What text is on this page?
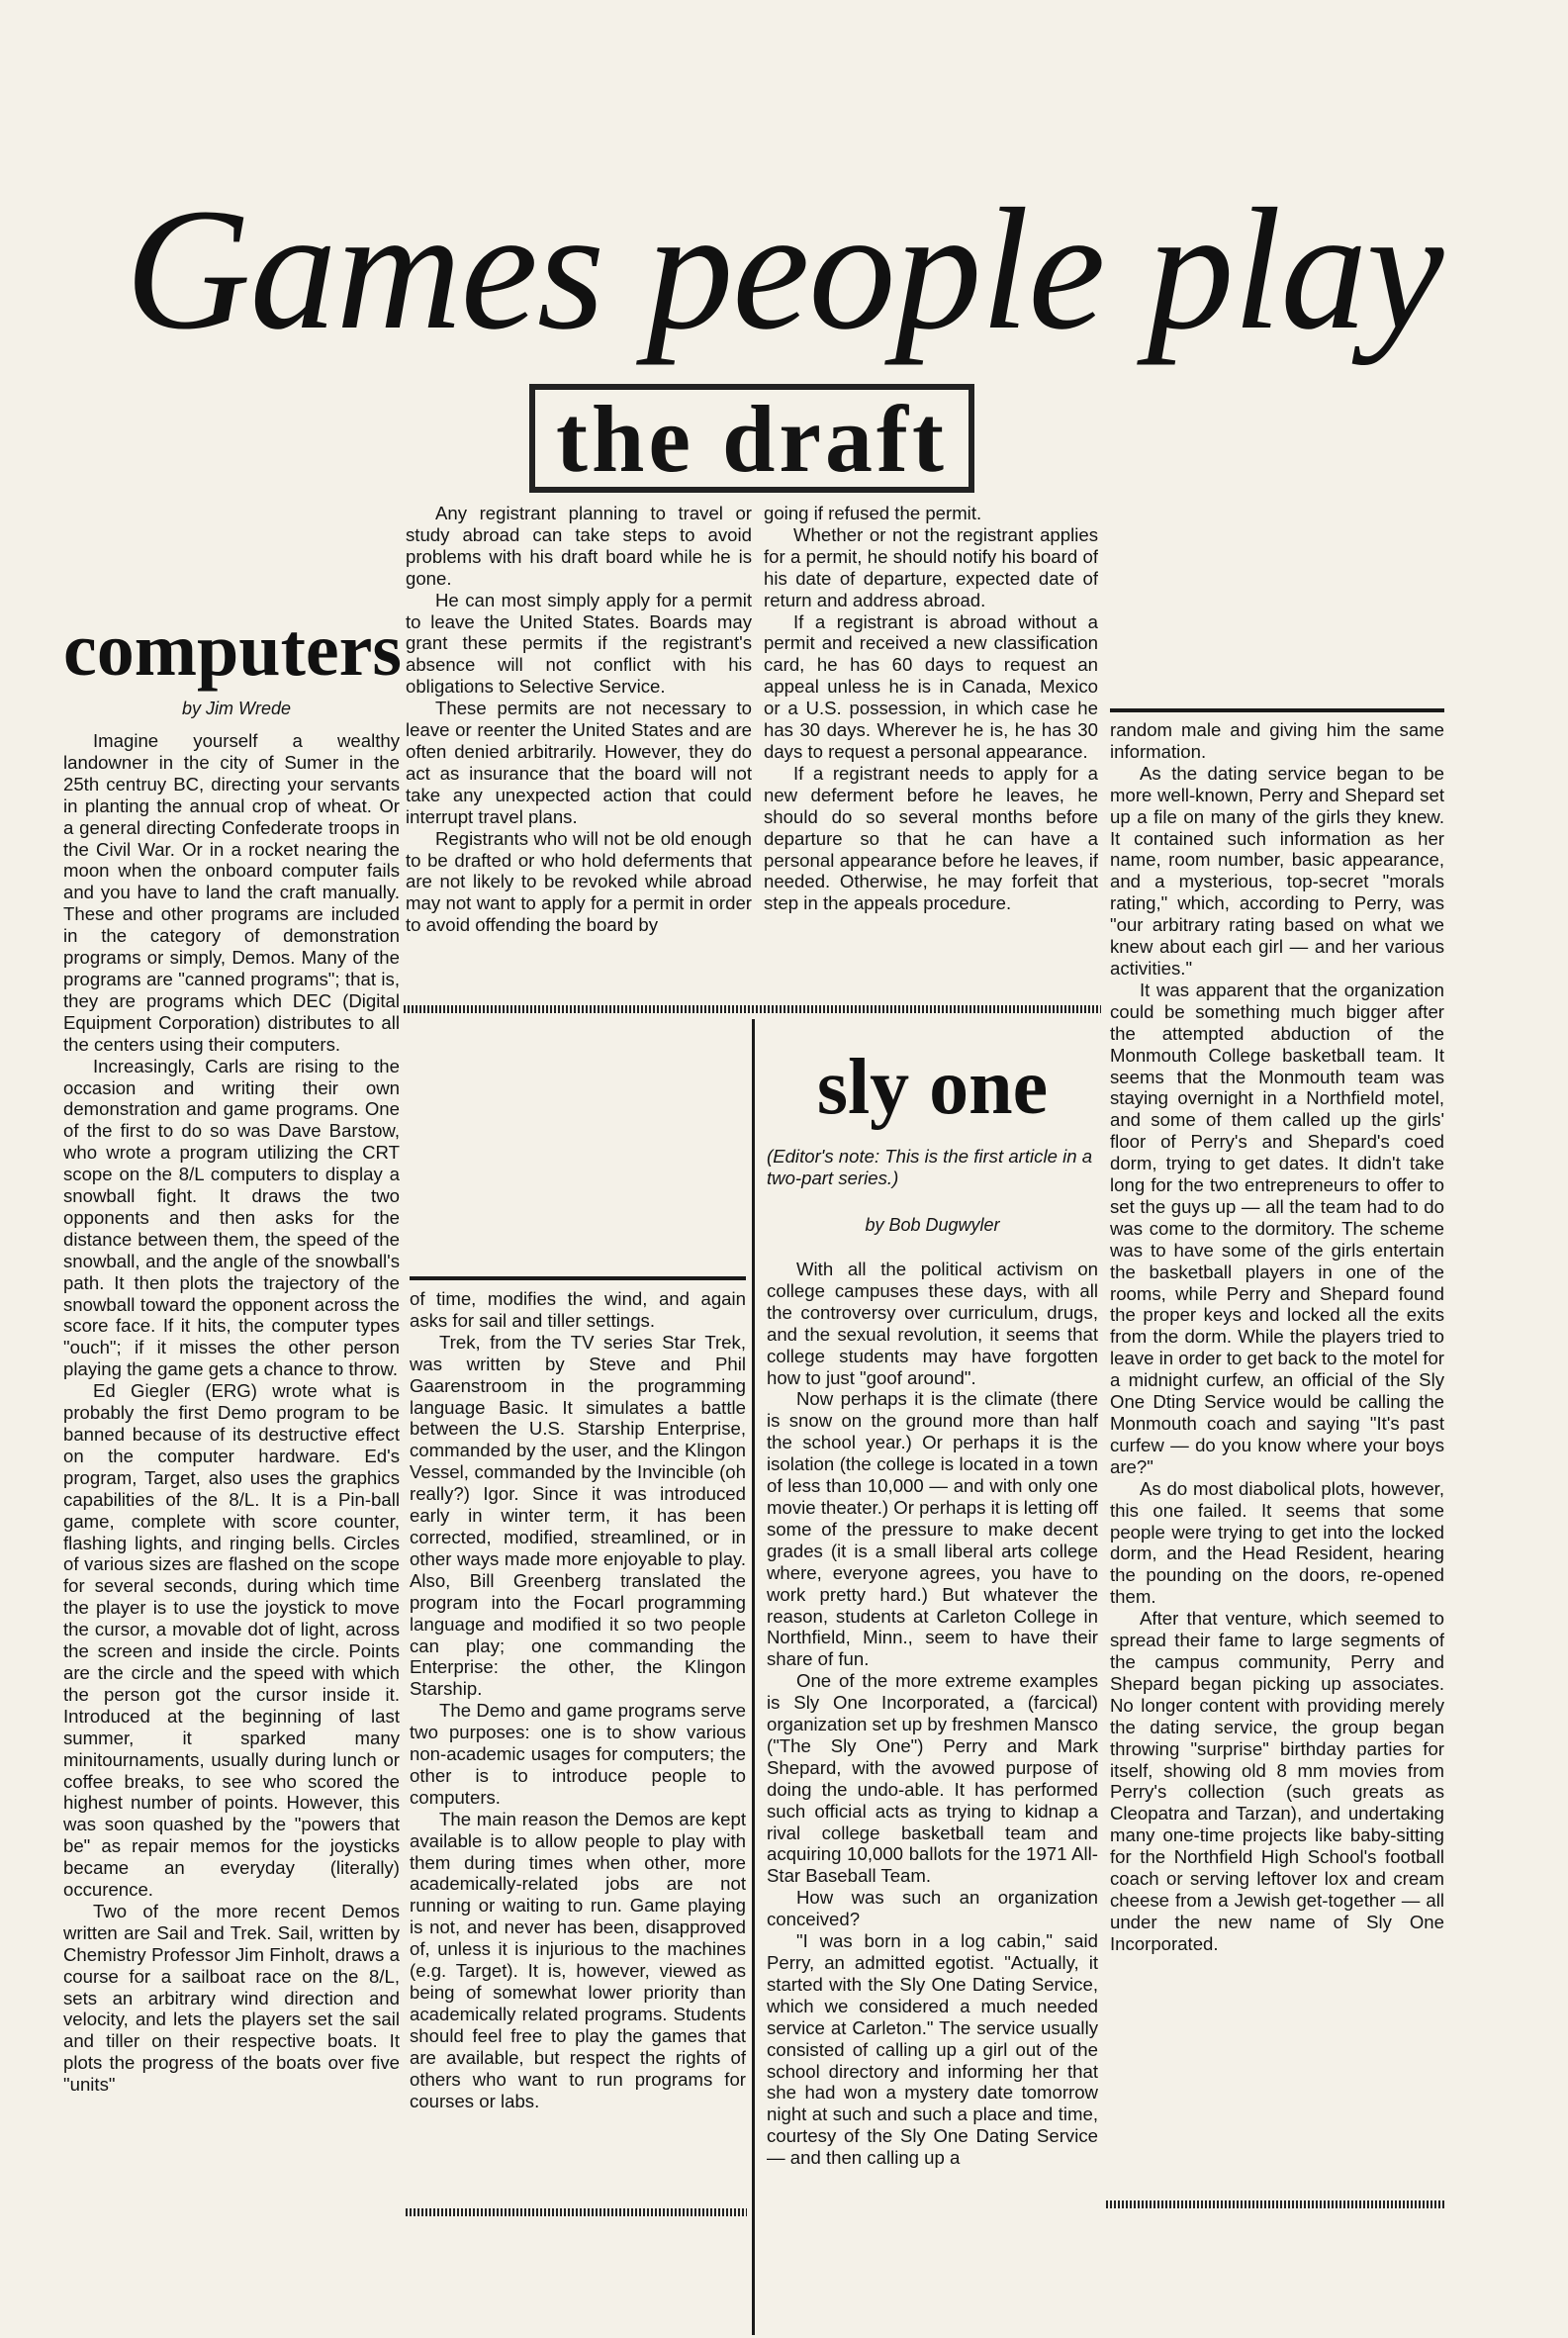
Games people play
the draft

Any registrant planning to travel or study abroad can take steps to avoid problems with his draft board while he is gone.

He can most simply apply for a permit to leave the United States. Boards may grant these permits if the registrant's absence will not conflict with his obligations to Selective Service.

These permits are not necessary to leave or reenter the United States and are often denied arbitrarily. However, they do act as insurance that the board will not take any unexpected action that could interrupt travel plans.

Registrants who will not be old enough to be drafted or who hold deferments that are not likely to be revoked while abroad may not want to apply for a permit in order to avoid offending the board by

going if refused the permit.

Whether or not the registrant applies for a permit, he should notify his board of his date of departure, expected date of return and address abroad.

If a registrant is abroad without a permit and received a new classification card, he has 60 days to request an appeal unless he is in Canada, Mexico or a U.S. possession, in which case he has 30 days. Wherever he is, he has 30 days to request a personal appearance.

If a registrant needs to apply for a new deferment before he leaves, he should do so several months before departure so that he can have a personal appearance before he leaves, if needed. Otherwise, he may forfeit that step in the appeals procedure.

computers
by Jim Wrede

Imagine yourself a wealthy landowner in the city of Sumer in the 25th centruy BC, directing your servants in planting the annual crop of wheat. Or a general directing Confederate troops in the Civil War. Or in a rocket nearing the moon when the onboard computer fails and you have to land the craft manually. These and other programs are included in the category of demonstration programs or simply, Demos. Many of the programs are "canned programs"; that is, they are programs which DEC (Digital Equipment Corporation) distributes to all the centers using their computers.

Increasingly, Carls are rising to the occasion and writing their own demonstration and game programs. One of the first to do so was Dave Barstow, who wrote a program utilizing the CRT scope on the 8/L computers to display a snowball fight. It draws the two opponents and then asks for the distance between them, the speed of the snowball, and the angle of the snowball's path. It then plots the trajectory of the snowball toward the opponent across the score face. If it hits, the computer types "ouch"; if it misses the other person playing the game gets a chance to throw.

Ed Giegler (ERG) wrote what is probably the first Demo program to be banned because of its destructive effect on the computer hardware. Ed's program, Target, also uses the graphics capabilities of the 8/L. It is a Pin-ball game, complete with score counter, flashing lights, and ringing bells. Circles of various sizes are flashed on the scope for several seconds, during which time the player is to use the joystick to move the cursor, a movable dot of light, across the screen and inside the circle. Points are the circle and the speed with which the person got the cursor inside it. Introduced at the beginning of last summer, it sparked many minitournaments, usually during lunch or coffee breaks, to see who scored the highest number of points. However, this was soon quashed by the "powers that be" as repair memos for the joysticks became an everyday (literally) occurence.

Two of the more recent Demos written are Sail and Trek. Sail, written by Chemistry Professor Jim Finholt, draws a course for a sailboat race on the 8/L, sets an arbitrary wind direction and velocity, and lets the players set the sail and tiller on their respective boats. It plots the progress of the boats over five "units"

of time, modifies the wind, and again asks for sail and tiller settings.

Trek, from the TV series Star Trek, was written by Steve and Phil Gaarenstroom in the programming language Basic. It simulates a battle between the U.S. Starship Enterprise, commanded by the user, and the Klingon Vessel, commanded by the Invincible (oh really?) Igor. Since it was introduced early in winter term, it has been corrected, modified, streamlined, or in other ways made more enjoyable to play. Also, Bill Greenberg translated the program into the Focarl programming language and modified it so two people can play; one commanding the Enterprise: the other, the Klingon Starship.

The Demo and game programs serve two purposes: one is to show various non-academic usages for computers; the other is to introduce people to computers.

The main reason the Demos are kept available is to allow people to play with them during times when other, more academically-related jobs are not running or waiting to run. Game playing is not, and never has been, disapproved of, unless it is injurious to the machines (e.g. Target). It is, however, viewed as being of somewhat lower priority than academically related programs. Students should feel free to play the games that are available, but respect the rights of others who want to run programs for courses or labs.

sly one

(Editor's note: This is the first article in a two-part series.)

by Bob Dugwyler

With all the political activism on college campuses these days, with all the controversy over curriculum, drugs, and the sexual revolution, it seems that college students may have forgotten how to just "goof around".

Now perhaps it is the climate (there is snow on the ground more than half the school year.) Or perhaps it is the isolation (the college is located in a town of less than 10,000 — and with only one movie theater.) Or perhaps it is letting off some of the pressure to make decent grades (it is a small liberal arts college where, everyone agrees, you have to work pretty hard.) But whatever the reason, students at Carleton College in Northfield, Minn., seem to have their share of fun.

One of the more extreme examples is Sly One Incorporated, a (farcical) organization set up by freshmen Mansco ("The Sly One") Perry and Mark Shepard, with the avowed purpose of doing the undo-able. It has performed such official acts as trying to kidnap a rival college basketball team and acquiring 10,000 ballots for the 1971 All-Star Baseball Team.

How was such an organization conceived?

"I was born in a log cabin," said Perry, an admitted egotist. "Actually, it started with the Sly One Dating Service, which we considered a much needed service at Carleton." The service usually consisted of calling up a girl out of the school directory and informing her that she had won a mystery date tomorrow night at such and such a place and time, courtesy of the Sly One Dating Service — and then calling up a

random male and giving him the same information.

As the dating service began to be more well-known, Perry and Shepard set up a file on many of the girls they knew. It contained such information as her name, room number, basic appearance, and a mysterious, top-secret "morals rating," which, according to Perry, was "our arbitrary rating based on what we knew about each girl — and her various activities."

It was apparent that the organization could be something much bigger after the attempted abduction of the Monmouth College basketball team. It seems that the Monmouth team was staying overnight in a Northfield motel, and some of them called up the girls' floor of Perry's and Shepard's coed dorm, trying to get dates. It didn't take long for the two entrepreneurs to offer to set the guys up — all the team had to do was come to the dormitory. The scheme was to have some of the girls entertain the basketball players in one of the rooms, while Perry and Shepard found the proper keys and locked all the exits from the dorm. While the players tried to leave in order to get back to the motel for a midnight curfew, an official of the Sly One Dting Service would be calling the Monmouth coach and saying "It's past curfew — do you know where your boys are?"

As do most diabolical plots, however, this one failed. It seems that some people were trying to get into the locked dorm, and the Head Resident, hearing the pounding on the doors, re-opened them.

After that venture, which seemed to spread their fame to large segments of the campus community, Perry and Shepard began picking up associates. No longer content with providing merely the dating service, the group began throwing "surprise" birthday parties for itself, showing old 8 mm movies from Perry's collection (such greats as Cleopatra and Tarzan), and undertaking many one-time projects like baby-sitting for the Northfield High School's football coach or serving leftover lox and cream cheese from a Jewish get-together — all under the new name of Sly One Incorporated.
